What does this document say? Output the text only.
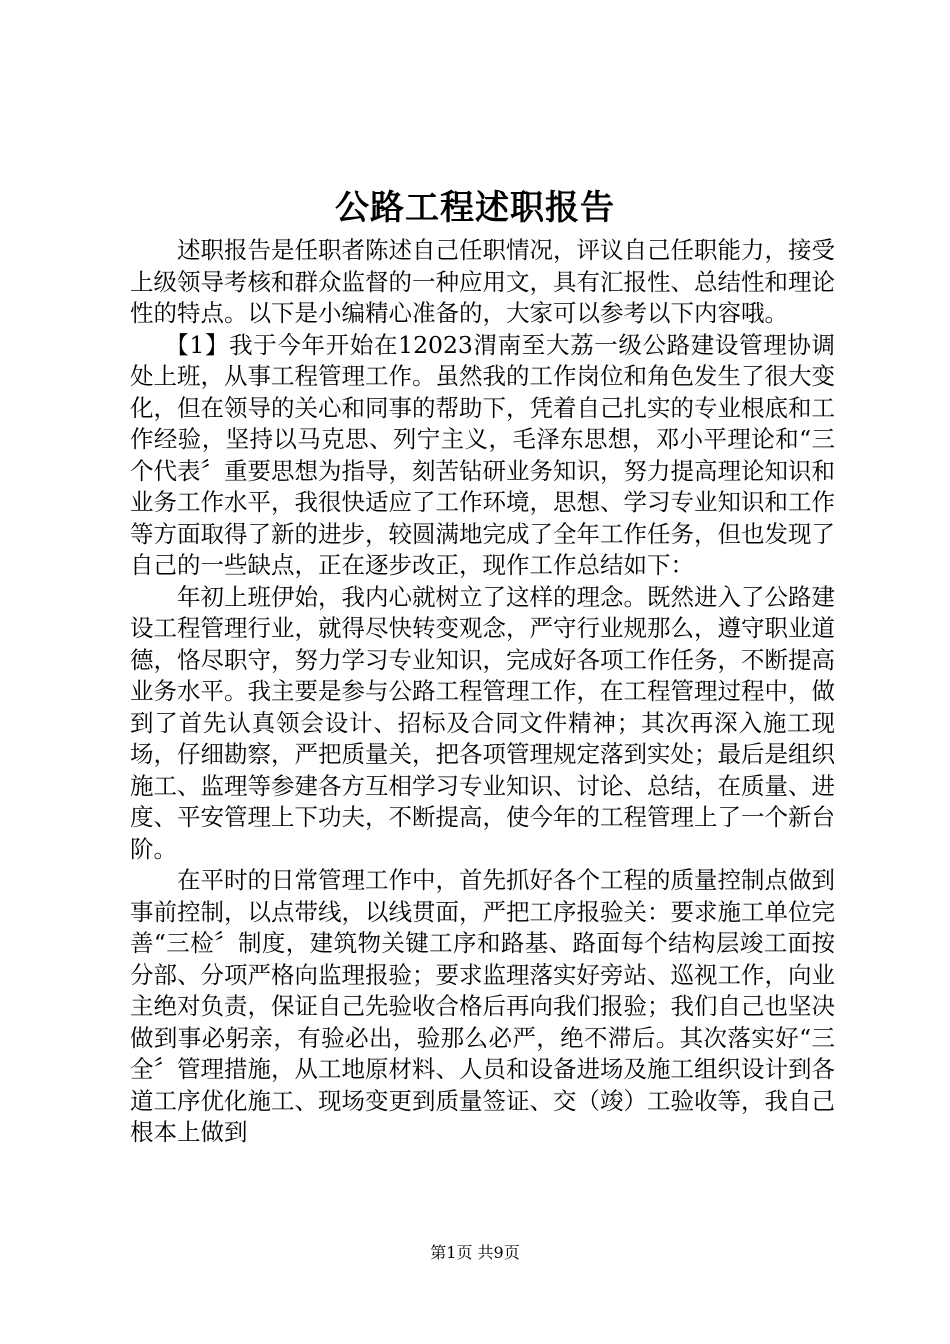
公路工程述职报告

述职报告是任职者陈述自己任职情况，评议自己任职能力，接受上级领导考核和群众监督的一种应用文，具有汇报性、总结性和理论性的特点。以下是小编精心准备的，大家可以参考以下内容哦。

【1】我于今年开始在12023渭南至大荔一级公路建设管理协调处上班，从事工程管理工作。虽然我的工作岗位和角色发生了很大变化，但在领导的关心和同事的帮助下，凭着自己扎实的专业根底和工作经验，坚持以马克思、列宁主义，毛泽东思想，邓小平理论和“三个代表〞重要思想为指导，刻苦钻研业务知识，努力提高理论知识和业务工作水平，我很快适应了工作环境，思想、学习专业知识和工作等方面取得了新的进步，较圆满地完成了全年工作任务，但也发现了自己的一些缺点，正在逐步改正，现作工作总结如下：

年初上班伊始，我内心就树立了这样的理念。既然进入了公路建设工程管理行业，就得尽快转变观念，严守行业规那么，遵守职业道德，恪尽职守，努力学习专业知识，完成好各项工作任务，不断提高业务水平。我主要是参与公路工程管理工作，在工程管理过程中，做到了首先认真领会设计、招标及合同文件精神；其次再深入施工现场，仔细勘察，严把质量关，把各项管理规定落到实处；最后是组织施工、监理等参建各方互相学习专业知识、讨论、总结，在质量、进度、平安管理上下功夫，不断提高，使今年的工程管理上了一个新台阶。

在平时的日常管理工作中，首先抓好各个工程的质量控制点做到事前控制，以点带线，以线贯面，严把工序报验关：要求施工单位完善“三检〞制度，建筑物关键工序和路基、路面每个结构层竣工面按分部、分项严格向监理报验；要求监理落实好旁站、巡视工作，向业主绝对负责，保证自己先验收合格后再向我们报验；我们自己也坚决做到事必躬亲，有验必出，验那么必严，绝不滞后。其次落实好“三全〞管理措施，从工地原材料、人员和设备进场及施工组织设计到各道工序优化施工、现场变更到质量签证、交（竣）工验收等，我自己根本上做到

第1页 共9页
